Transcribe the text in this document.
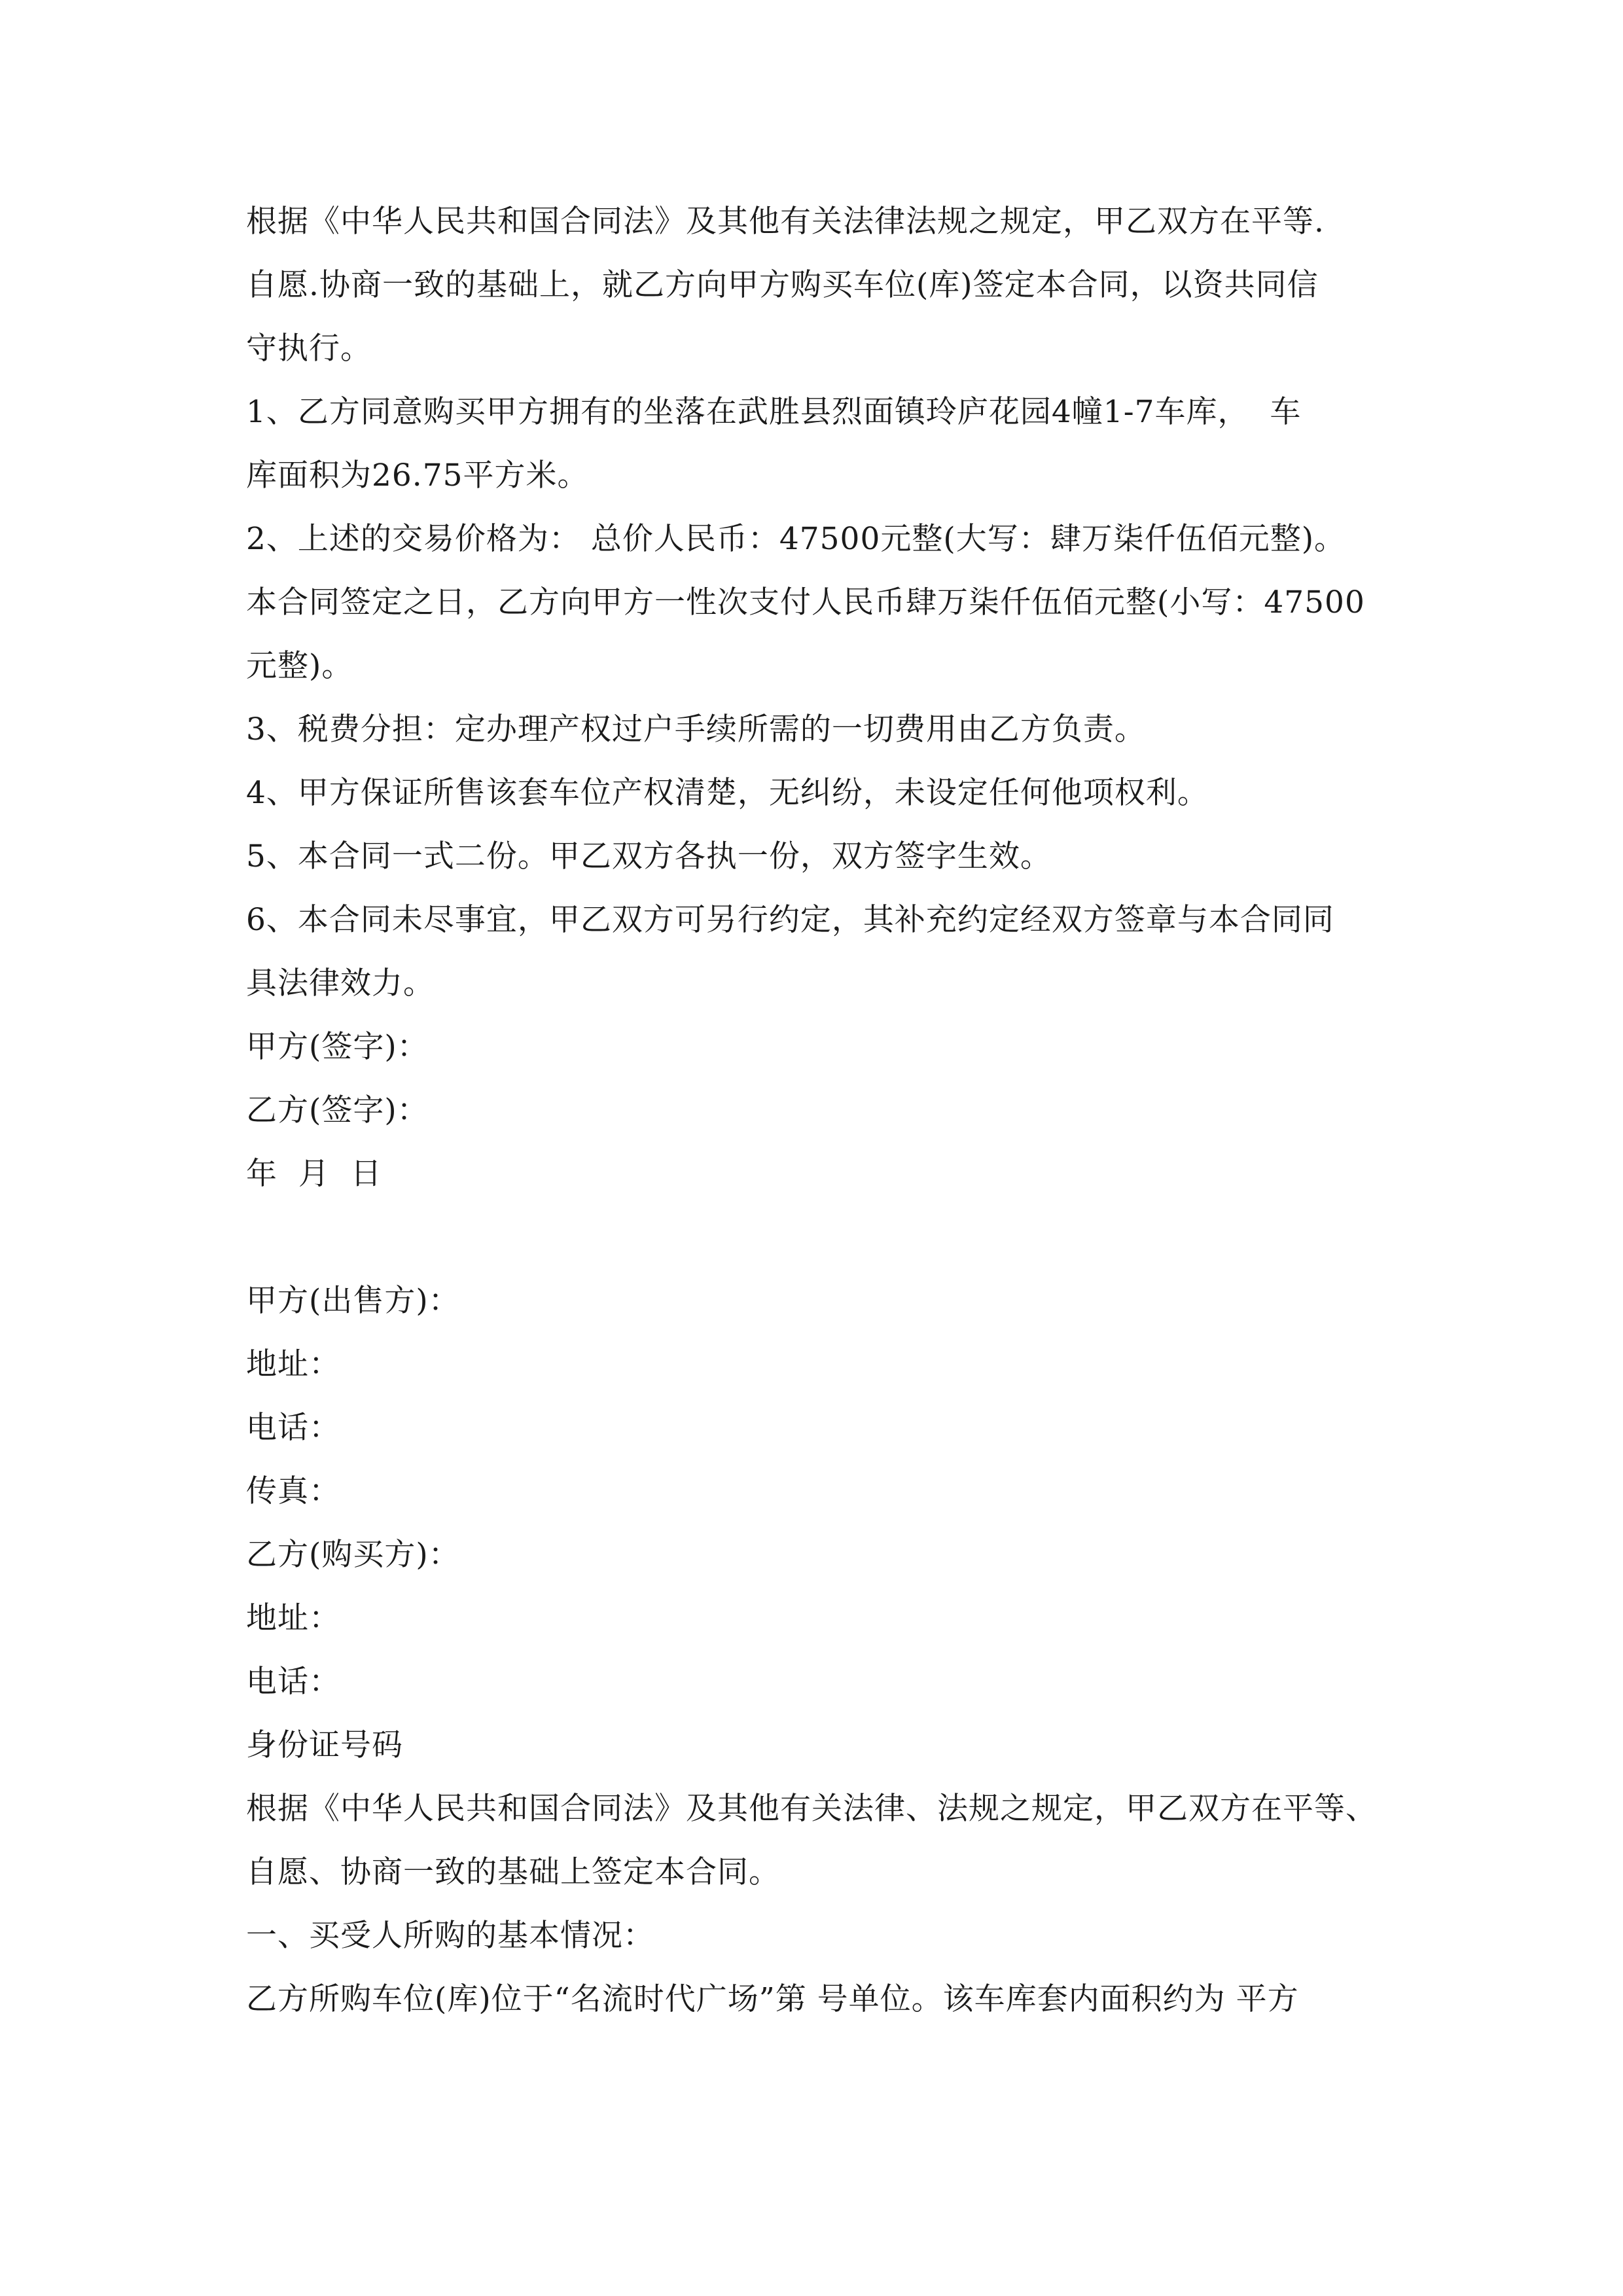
根据《中华人民共和国合同法》及其他有关法律法规之规定，甲乙双方在平等.
自愿.协商一致的基础上，就乙方向甲方购买车位(库)签定本合同，以资共同信
守执行。
1、乙方同意购买甲方拥有的坐落在武胜县烈面镇玲庐花园4幢1-7车库，  车
库面积为26.75平方米。
2、上述的交易价格为： 总价人民币：47500元整(大写：肆万柒仟伍佰元整)。
本合同签定之日，乙方向甲方一性次支付人民币肆万柒仟伍佰元整(小写：47500
元整)。
3、税费分担：定办理产权过户手续所需的一切费用由乙方负责。
4、甲方保证所售该套车位产权清楚，无纠纷，未设定任何他项权利。
5、本合同一式二份。甲乙双方各执一份，双方签字生效。
6、本合同未尽事宜，甲乙双方可另行约定，其补充约定经双方签章与本合同同
具法律效力。
甲方(签字)：
乙方(签字)：
年  月  日
甲方(出售方)：
地址：
电话：
传真：
乙方(购买方)：
地址：
电话：
身份证号码
根据《中华人民共和国合同法》及其他有关法律、法规之规定，甲乙双方在平等、
自愿、协商一致的基础上签定本合同。
一、买受人所购的基本情况：
乙方所购车位(库)位于“名流时代广场”第 号单位。该车库套内面积约为 平方
